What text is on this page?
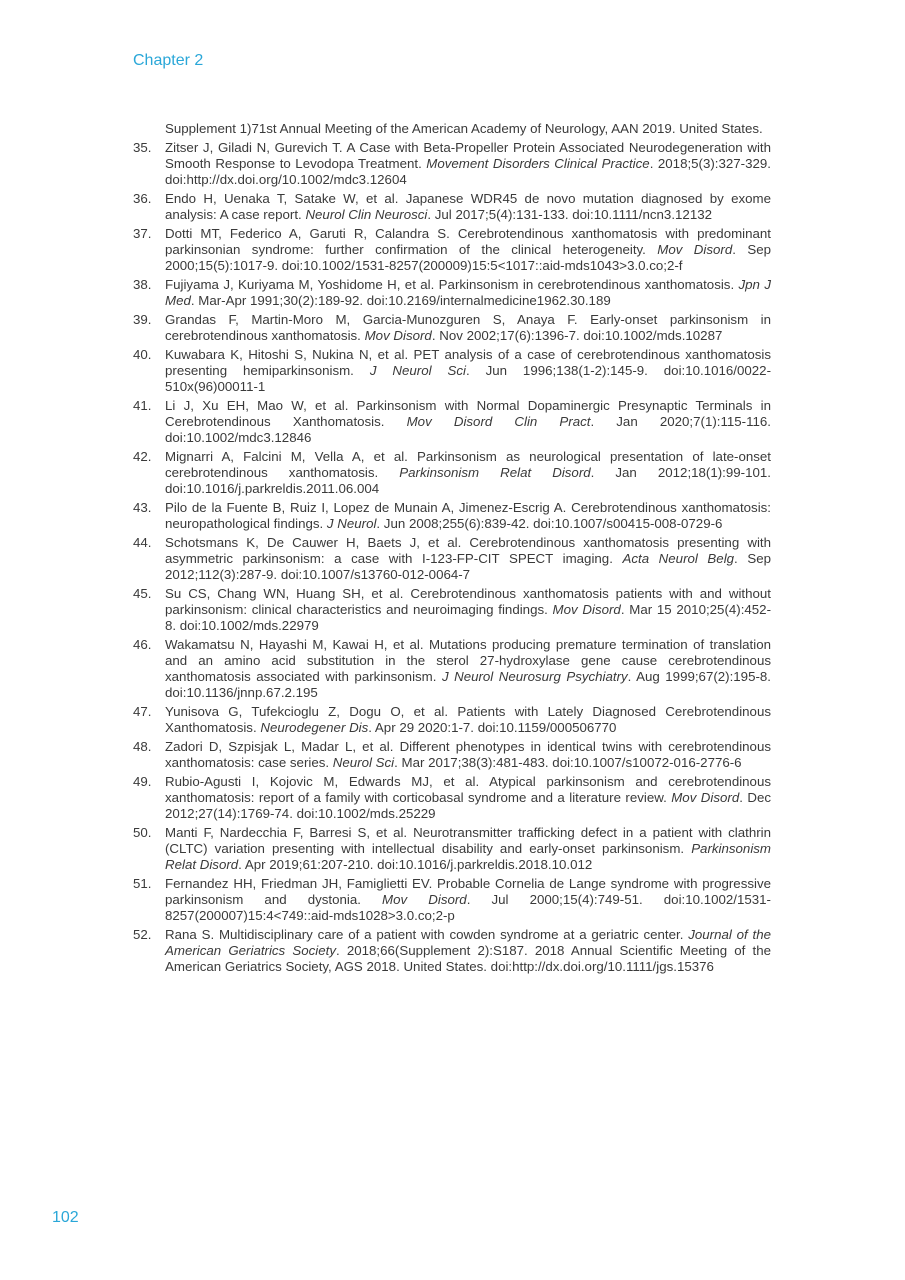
Chapter 2
Supplement 1)71st Annual Meeting of the American Academy of Neurology, AAN 2019. United States.
35.	Zitser J, Giladi N, Gurevich T. A Case with Beta-Propeller Protein Associated Neurodegeneration with Smooth Response to Levodopa Treatment. Movement Disorders Clinical Practice. 2018;5(3):327-329. doi:http://dx.doi.org/10.1002/mdc3.12604
36.	Endo H, Uenaka T, Satake W, et al. Japanese WDR45 de novo mutation diagnosed by exome analysis: A case report. Neurol Clin Neurosci. Jul 2017;5(4):131-133. doi:10.1111/ncn3.12132
37.	Dotti MT, Federico A, Garuti R, Calandra S. Cerebrotendinous xanthomatosis with predominant parkinsonian syndrome: further confirmation of the clinical heterogeneity. Mov Disord. Sep 2000;15(5):1017-9. doi:10.1002/1531-8257(200009)15:5<1017::aid-mds1043>3.0.co;2-f
38.	Fujiyama J, Kuriyama M, Yoshidome H, et al. Parkinsonism in cerebrotendinous xanthomatosis. Jpn J Med. Mar-Apr 1991;30(2):189-92. doi:10.2169/internalmedicine1962.30.189
39.	Grandas F, Martin-Moro M, Garcia-Munozguren S, Anaya F. Early-onset parkinsonism in cerebrotendinous xanthomatosis. Mov Disord. Nov 2002;17(6):1396-7. doi:10.1002/mds.10287
40.	Kuwabara K, Hitoshi S, Nukina N, et al. PET analysis of a case of cerebrotendinous xanthomatosis presenting hemiparkinsonism. J Neurol Sci. Jun 1996;138(1-2):145-9. doi:10.1016/0022-510x(96)00011-1
41.	Li J, Xu EH, Mao W, et al. Parkinsonism with Normal Dopaminergic Presynaptic Terminals in Cerebrotendinous Xanthomatosis. Mov Disord Clin Pract. Jan 2020;7(1):115-116. doi:10.1002/mdc3.12846
42.	Mignarri A, Falcini M, Vella A, et al. Parkinsonism as neurological presentation of late-onset cerebrotendinous xanthomatosis. Parkinsonism Relat Disord. Jan 2012;18(1):99-101. doi:10.1016/j.parkreldis.2011.06.004
43.	Pilo de la Fuente B, Ruiz I, Lopez de Munain A, Jimenez-Escrig A. Cerebrotendinous xanthomatosis: neuropathological findings. J Neurol. Jun 2008;255(6):839-42. doi:10.1007/s00415-008-0729-6
44.	Schotsmans K, De Cauwer H, Baets J, et al. Cerebrotendinous xanthomatosis presenting with asymmetric parkinsonism: a case with I-123-FP-CIT SPECT imaging. Acta Neurol Belg. Sep 2012;112(3):287-9. doi:10.1007/s13760-012-0064-7
45.	Su CS, Chang WN, Huang SH, et al. Cerebrotendinous xanthomatosis patients with and without parkinsonism: clinical characteristics and neuroimaging findings. Mov Disord. Mar 15 2010;25(4):452-8. doi:10.1002/mds.22979
46.	Wakamatsu N, Hayashi M, Kawai H, et al. Mutations producing premature termination of translation and an amino acid substitution in the sterol 27-hydroxylase gene cause cerebrotendinous xanthomatosis associated with parkinsonism. J Neurol Neurosurg Psychiatry. Aug 1999;67(2):195-8. doi:10.1136/jnnp.67.2.195
47.	Yunisova G, Tufekcioglu Z, Dogu O, et al. Patients with Lately Diagnosed Cerebrotendinous Xanthomatosis. Neurodegener Dis. Apr 29 2020:1-7. doi:10.1159/000506770
48.	Zadori D, Szpisjak L, Madar L, et al. Different phenotypes in identical twins with cerebrotendinous xanthomatosis: case series. Neurol Sci. Mar 2017;38(3):481-483. doi:10.1007/s10072-016-2776-6
49.	Rubio-Agusti I, Kojovic M, Edwards MJ, et al. Atypical parkinsonism and cerebrotendinous xanthomatosis: report of a family with corticobasal syndrome and a literature review. Mov Disord. Dec 2012;27(14):1769-74. doi:10.1002/mds.25229
50.	Manti F, Nardecchia F, Barresi S, et al. Neurotransmitter trafficking defect in a patient with clathrin (CLTC) variation presenting with intellectual disability and early-onset parkinsonism. Parkinsonism Relat Disord. Apr 2019;61:207-210. doi:10.1016/j.parkreldis.2018.10.012
51.	Fernandez HH, Friedman JH, Famiglietti EV. Probable Cornelia de Lange syndrome with progressive parkinsonism and dystonia. Mov Disord. Jul 2000;15(4):749-51. doi:10.1002/1531-8257(200007)15:4<749::aid-mds1028>3.0.co;2-p
52.	Rana S. Multidisciplinary care of a patient with cowden syndrome at a geriatric center. Journal of the American Geriatrics Society. 2018;66(Supplement 2):S187. 2018 Annual Scientific Meeting of the American Geriatrics Society, AGS 2018. United States. doi:http://dx.doi.org/10.1111/jgs.15376
102
